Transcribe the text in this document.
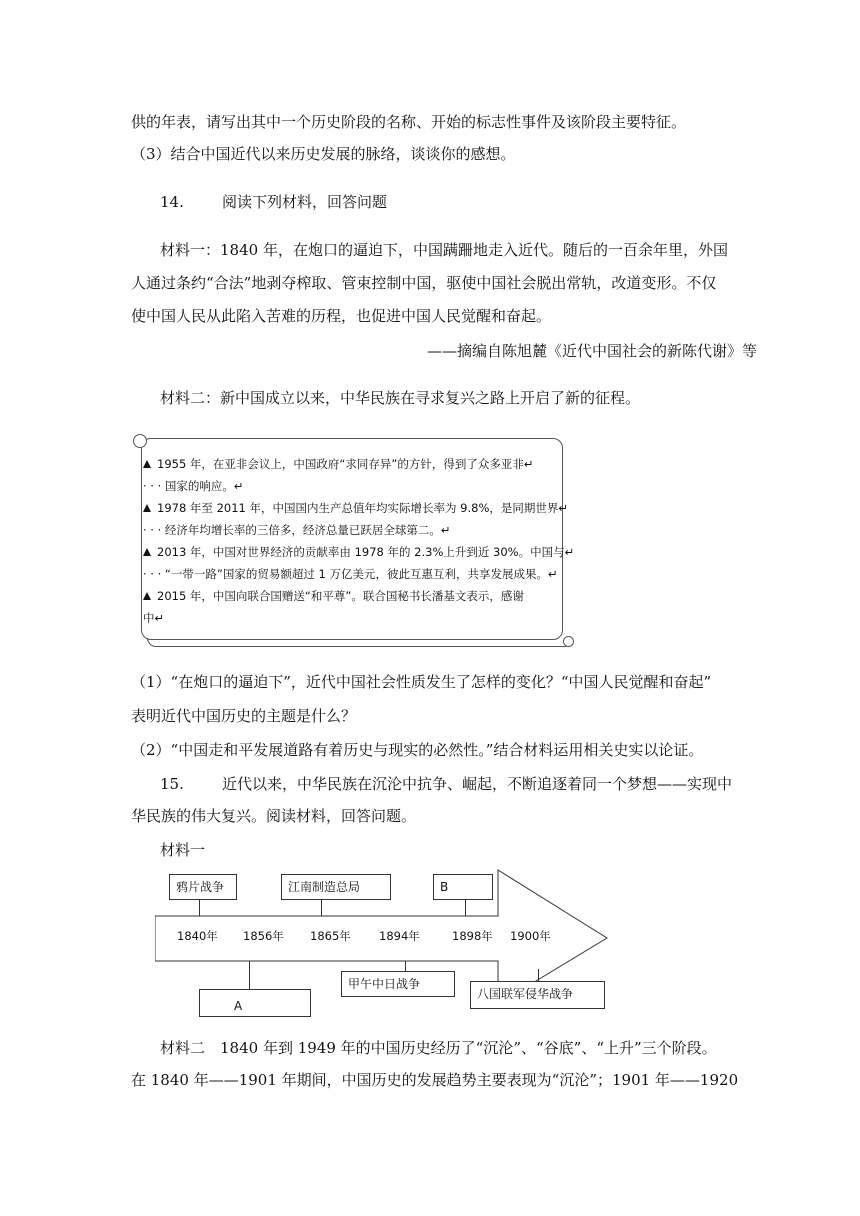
供的年表，请写出其中一个历史阶段的名称、开始的标志性事件及该阶段主要特征。
（3）结合中国近代以来历史发展的脉络，谈谈你的感想。
14.	阅读下列材料，回答问题
材料一：1840 年，在炮口的逼迫下，中国蹒跚地走入近代。随后的一百余年里，外国
人通过条约“合法”地剥夺榨取、管束控制中国，驱使中国社会脱出常轨，改道变形。不仅
使中国人民从此陷入苦难的历程，也促进中国人民觉醒和奋起。
——摘编自陈旭麓《近代中国社会的新陈代谢》等
材料二：新中国成立以来，中华民族在寻求复兴之路上开启了新的征程。
1955 年，在亚非会议上，中国政府“求同存异”的方针，得到了众多亚非↵
· · · 国家的响应。↵
1978 年至 2011 年，中国国内生产总值年均实际增长率为 9.8%，是同期世界↵
· · · 经济年均增长率的三倍多，经济总量已跃居全球第二。↵
2013 年，中国对世界经济的贡献率由 1978 年的 2.3%上升到近 30%。中国与↵
· · · “一带一路”国家的贸易额超过 1 万亿美元，彼此互惠互利，共享发展成果。↵
2015 年，中国向联合国赠送“和平尊”。联合国秘书长潘基文表示，感谢
中↵
（1）“在炮口的逼迫下”，近代中国社会性质发生了怎样的变化？“中国人民觉醒和奋起”
表明近代中国历史的主题是什么？
（2）“中国走和平发展道路有着历史与现实的必然性。”结合材料运用相关史实以论证。
15.	近代以来，中华民族在沉沦中抗争、崛起，不断追逐着同一个梦想——实现中
华民族的伟大复兴。阅读材料，回答问题。
材料一
鸦片战争	江南制造总局	B
1840年 1856年 1865年 1894年	1898年 1900年
A
甲午中日战争
八国联军侵华战争
材料二　1840 年到 1949 年的中国历史经历了“沉沦”、“谷底”、“上升”三个阶段。
在 1840 年——1901 年期间，中国历史的发展趋势主要表现为“沉沦”；1901 年——1920
